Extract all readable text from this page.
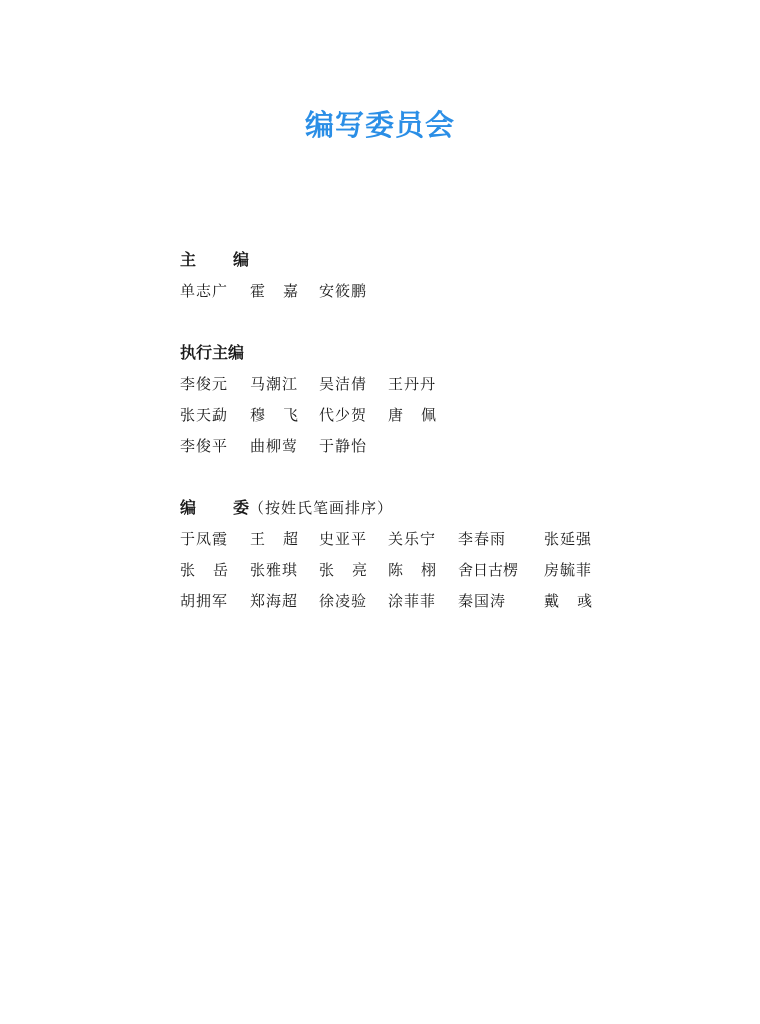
编写委员会
主 编
单志广 霍嘉 安筱鹏
执行主编
李俊元 马潮江 吴洁倩 王丹丹
张天勐 穆飞 代少贺 唐佩
李俊平 曲柳莺 于静怡
编 委（按姓氏笔画排序）
于凤霞 王超 史亚平 关乐宁 李春雨	张延强
张岳 张雅琪 张亮 陈栩 舍日古楞 房毓菲
胡拥军 郑海超 徐凌验 涂菲菲 秦国涛	戴彧
